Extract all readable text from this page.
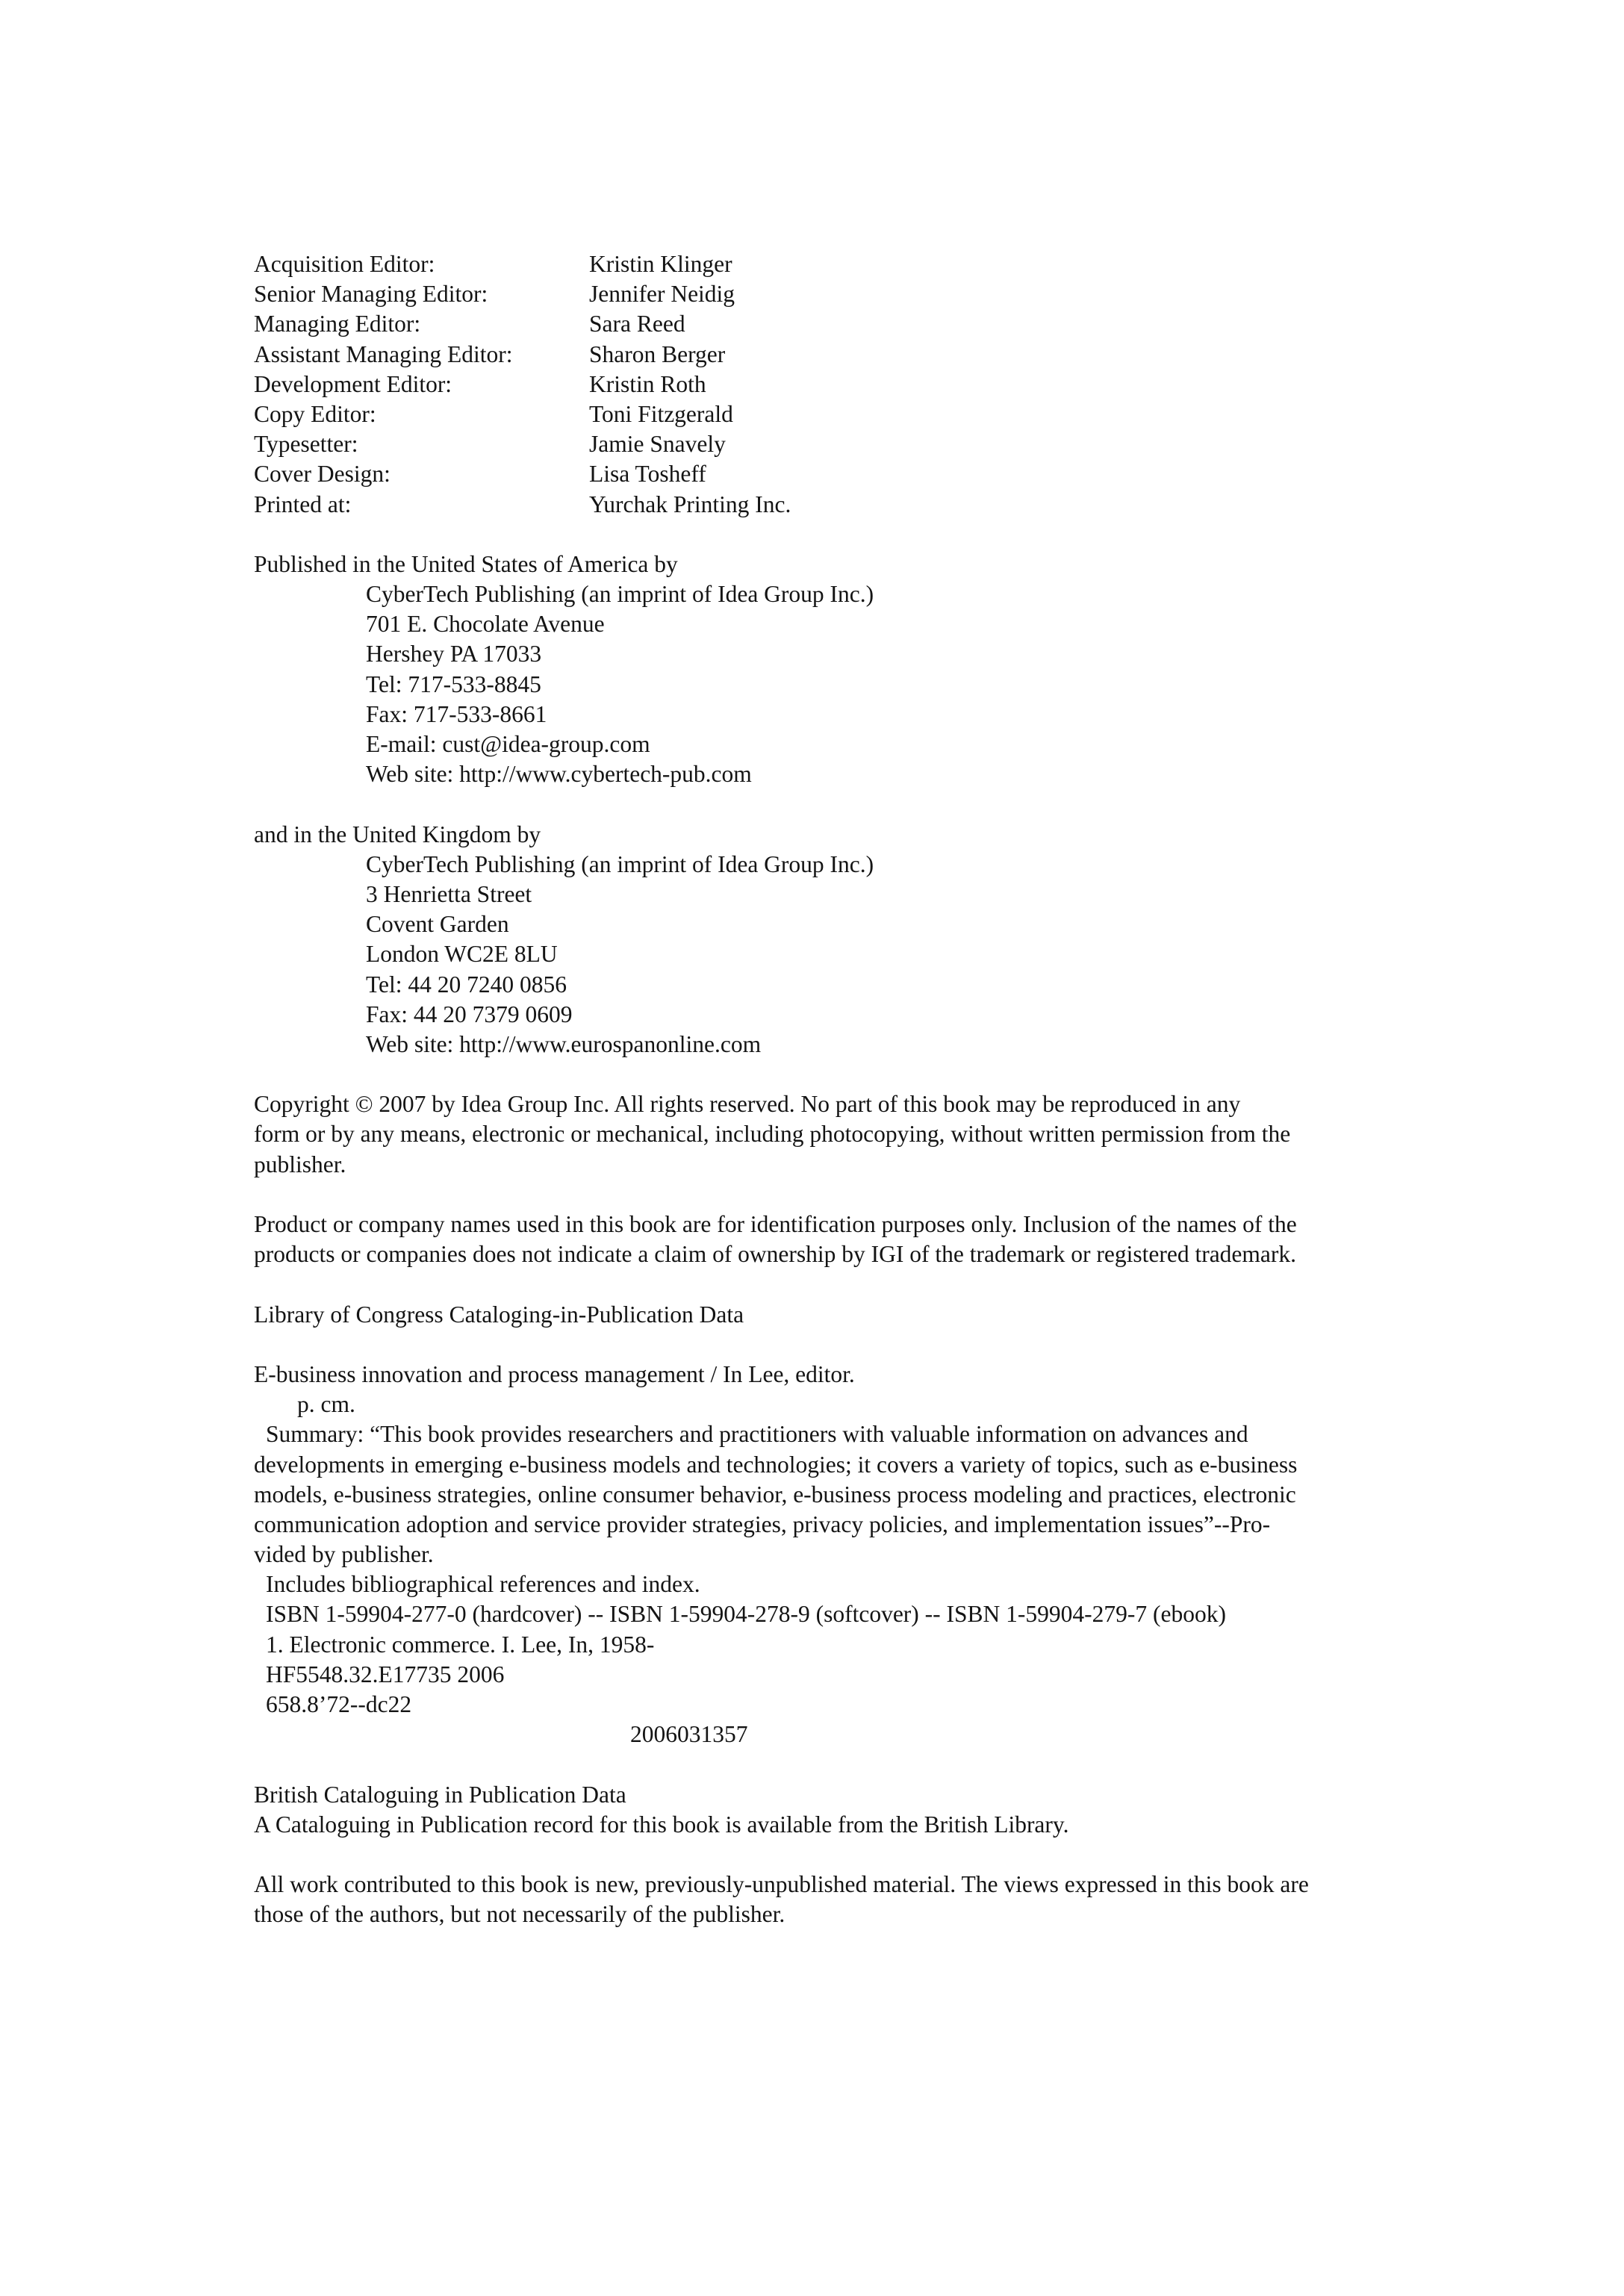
Acquisition Editor:	Kristin Klinger
Senior Managing Editor:	Jennifer Neidig
Managing Editor:	Sara Reed
Assistant Managing Editor:	Sharon Berger
Development Editor:	Kristin Roth
Copy Editor:	Toni Fitzgerald
Typesetter:	Jamie Snavely
Cover Design:	Lisa Tosheff
Printed at:	Yurchak Printing Inc.
Published in the United States of America by
CyberTech Publishing (an imprint of Idea Group Inc.)
701 E. Chocolate Avenue
Hershey PA 17033
Tel: 717-533-8845
Fax: 717-533-8661
E-mail: cust@idea-group.com
Web site: http://www.cybertech-pub.com
and in the United Kingdom by
CyberTech Publishing (an imprint of Idea Group Inc.)
3 Henrietta Street
Covent Garden
London WC2E 8LU
Tel: 44 20 7240 0856
Fax: 44 20 7379 0609
Web site: http://www.eurospanonline.com
Copyright © 2007 by Idea Group Inc. All rights reserved. No part of this book may be reproduced in any
form or by any means, electronic or mechanical, including photocopying, without written permission from the
publisher.
Product or company names used in this book are for identification purposes only. Inclusion of the names of the
products or companies does not indicate a claim of ownership by IGI of the trademark or registered trademark.
Library of Congress Cataloging-in-Publication Data
E-business innovation and process management / In Lee, editor.
p. cm.
Summary: “This book provides researchers and practitioners with valuable information on advances and
developments in emerging e-business models and technologies; it covers a variety of topics, such as e-business
models, e-business strategies, online consumer behavior, e-business process modeling and practices, electronic
communication adoption and service provider strategies, privacy policies, and implementation issues”--Pro-
vided by publisher.
Includes bibliographical references and index.
ISBN 1-59904-277-0 (hardcover) -- ISBN 1-59904-278-9 (softcover) -- ISBN 1-59904-279-7 (ebook)
1. Electronic commerce. I. Lee, In, 1958-
HF5548.32.E17735 2006
658.8’72--dc22
2006031357
British Cataloguing in Publication Data
A Cataloguing in Publication record for this book is available from the British Library.
All work contributed to this book is new, previously-unpublished material. The views expressed in this book are
those of the authors, but not necessarily of the publisher.
